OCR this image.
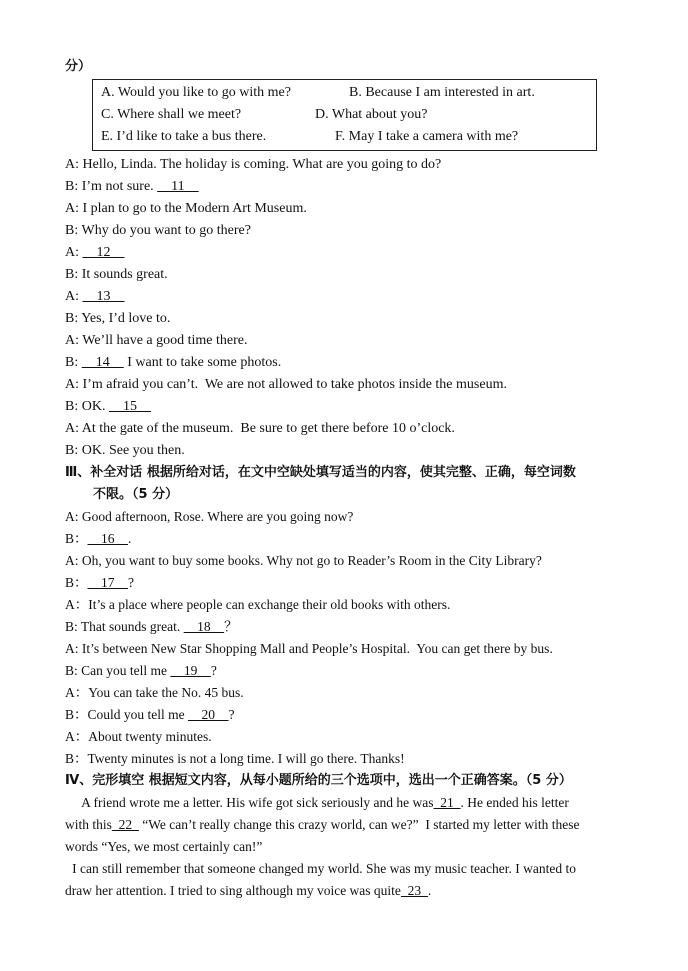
分）
A. Would you like to go with me?	B. Because I am interested in art.
C. Where shall we meet?	D. What about you?
E. I’d like to take a bus there.	F. May I take a camera with me?
A: Hello, Linda. The holiday is coming. What are you going to do?
B: I’m not sure.     11
A: I plan to go to the Modern Art Museum.
B: Why do you want to go there?
A:     12
B: It sounds great.
A:     13
B: Yes, I’d love to.
A: We’ll have a good time there.
B:     14     I want to take some photos.
A: I’m afraid you can’t.  We are not allowed to take photos inside the museum.
B: OK.     15
A: At the gate of the museum.  Be sure to get there before 10 o’clock.
B: OK. See you then.
Ⅲ、补全对话 根据所给对话，在文中空缺处填写适当的内容，使其完整、正确，每空词数
不限。（5 分）
A: Good afternoon, Rose. Where are you going now?
B：    16    .
A: Oh, you want to buy some books. Why not go to Reader’s Room in the City Library?
B：    17    ?
A：It’s a place where people can exchange their old books with others.
B: That sounds great.     18    ？
A: It’s between New Star Shopping Mall and People’s Hospital.  You can get there by bus.
B: Can you tell me     19    ?
A：You can take the No. 45 bus.
B：Could you tell me     20    ?
A：About twenty minutes.
B：Twenty minutes is not a long time. I will go there. Thanks!
Ⅳ、完形填空 根据短文内容，从每小题所给的三个选项中，选出一个正确答案。（5 分）
A friend wrote me a letter. His wife got sick seriously and he was  21  . He ended his letter
with this  22   “We can’t really change this crazy world, can we?”  I started my letter with these
words “Yes, we most certainly can!”
I can still remember that someone changed my world. She was my music teacher. I wanted to
draw her attention. I tried to sing although my voice was quite  23  .
